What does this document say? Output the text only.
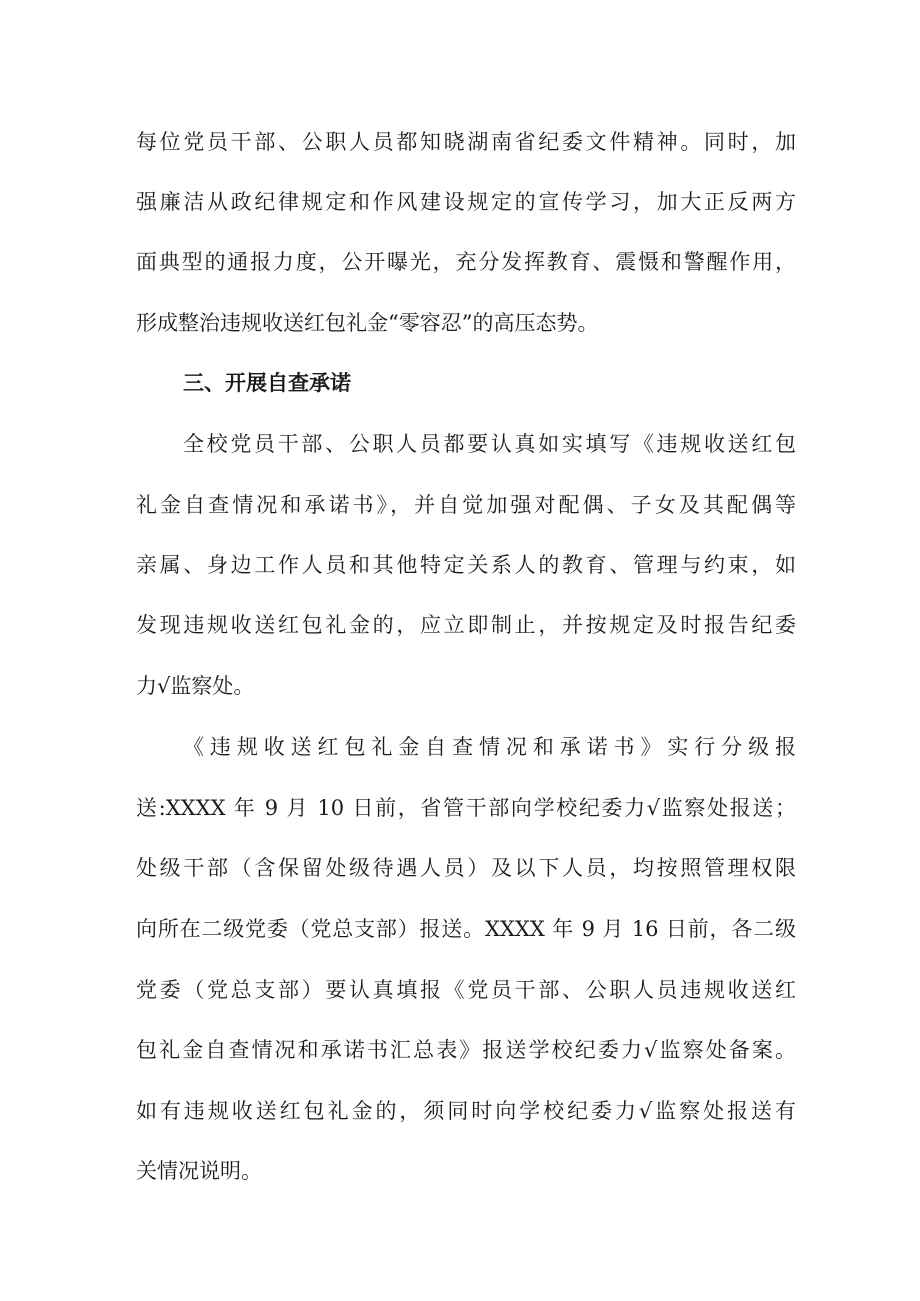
每位党员干部、公职人员都知晓湖南省纪委文件精神。同时，加
强廉洁从政纪律规定和作风建设规定的宣传学习，加大正反两方
面典型的通报力度，公开曝光，充分发挥教育、震慑和警醒作用，
形成整治违规收送红包礼金“零容忍”的高压态势。
三、开展自查承诺
全校党员干部、公职人员都要认真如实填写《违规收送红包
礼金自查情况和承诺书》，并自觉加强对配偶、子女及其配偶等
亲属、身边工作人员和其他特定关系人的教育、管理与约束，如
发现违规收送红包礼金的，应立即制止，并按规定及时报告纪委
力√监察处。
《违规收送红包礼金自查情况和承诺书》实行分级报
送:XXXX 年 9 月 10 日前，省管干部向学校纪委力√监察处报送；
处级干部（含保留处级待遇人员）及以下人员，均按照管理权限
向所在二级党委（党总支部）报送。XXXX 年 9 月 16 日前，各二级
党委（党总支部）要认真填报《党员干部、公职人员违规收送红
包礼金自查情况和承诺书汇总表》报送学校纪委力√监察处备案。
如有违规收送红包礼金的，须同时向学校纪委力√监察处报送有
关情况说明。
